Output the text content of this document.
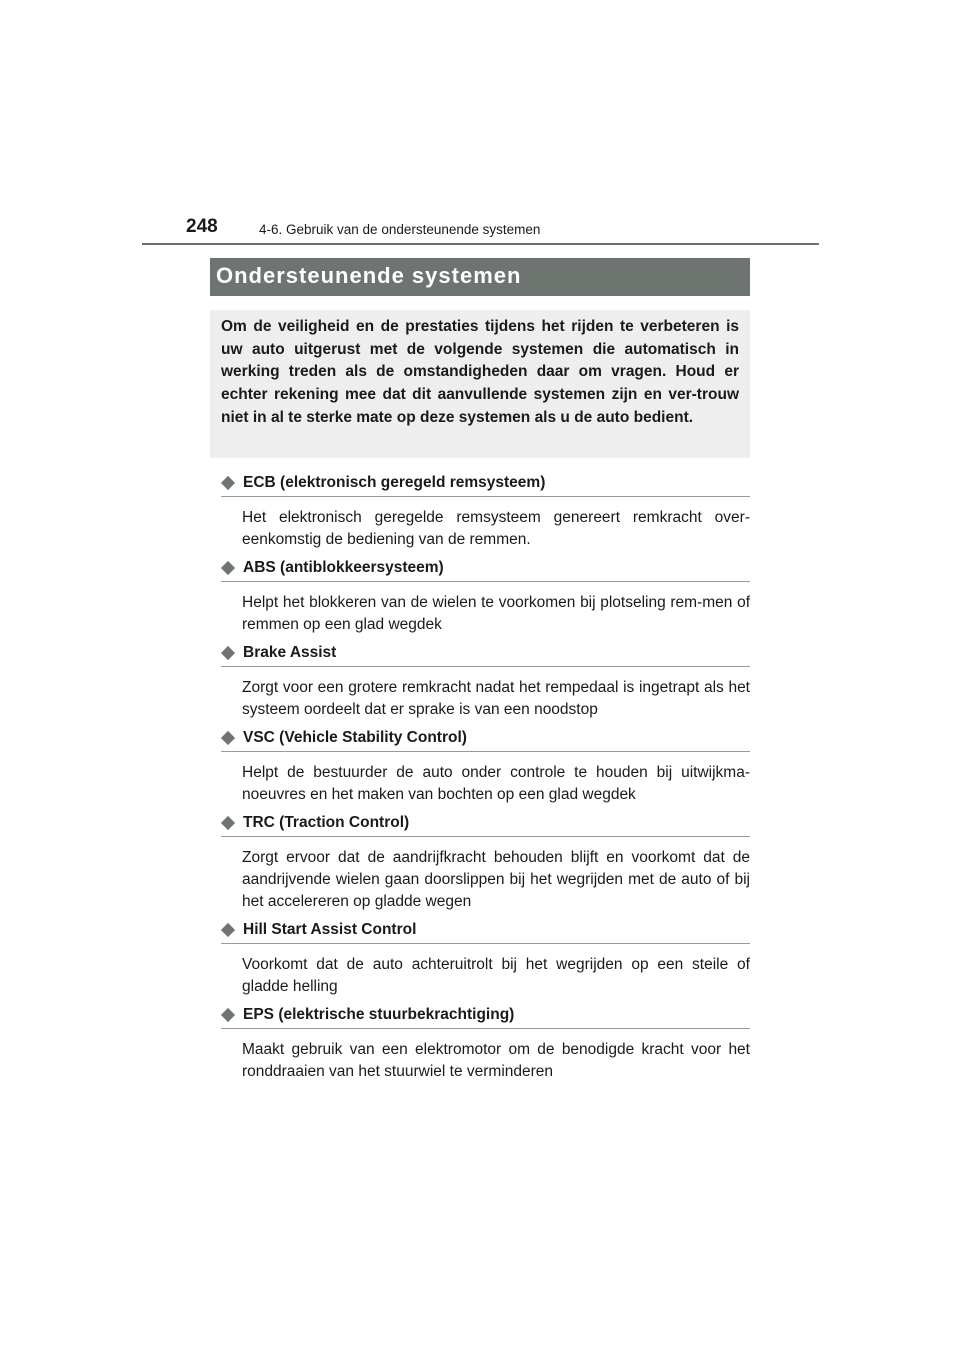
248	4-6. Gebruik van de ondersteunende systemen
Ondersteunende systemen
Om de veiligheid en de prestaties tijdens het rijden te verbeteren is uw auto uitgerust met de volgende systemen die automatisch in werking treden als de omstandigheden daar om vragen. Houd er echter rekening mee dat dit aanvullende systemen zijn en ver-trouw niet in al te sterke mate op deze systemen als u de auto bedient.
ECB (elektronisch geregeld remsysteem)
Het elektronisch geregelde remsysteem genereert remkracht over-eenkomstig de bediening van de remmen.
ABS (antiblokkeersysteem)
Helpt het blokkeren van de wielen te voorkomen bij plotseling rem-men of remmen op een glad wegdek
Brake Assist
Zorgt voor een grotere remkracht nadat het rempedaal is ingetrapt als het systeem oordeelt dat er sprake is van een noodstop
VSC (Vehicle Stability Control)
Helpt de bestuurder de auto onder controle te houden bij uitwijkma-noeuvres en het maken van bochten op een glad wegdek
TRC (Traction Control)
Zorgt ervoor dat de aandrijfkracht behouden blijft en voorkomt dat de aandrijvende wielen gaan doorslippen bij het wegrijden met de auto of bij het accelereren op gladde wegen
Hill Start Assist Control
Voorkomt dat de auto achteruitrolt bij het wegrijden op een steile of gladde helling
EPS (elektrische stuurbekrachtiging)
Maakt gebruik van een elektromotor om de benodigde kracht voor het ronddraaien van het stuurwiel te verminderen
